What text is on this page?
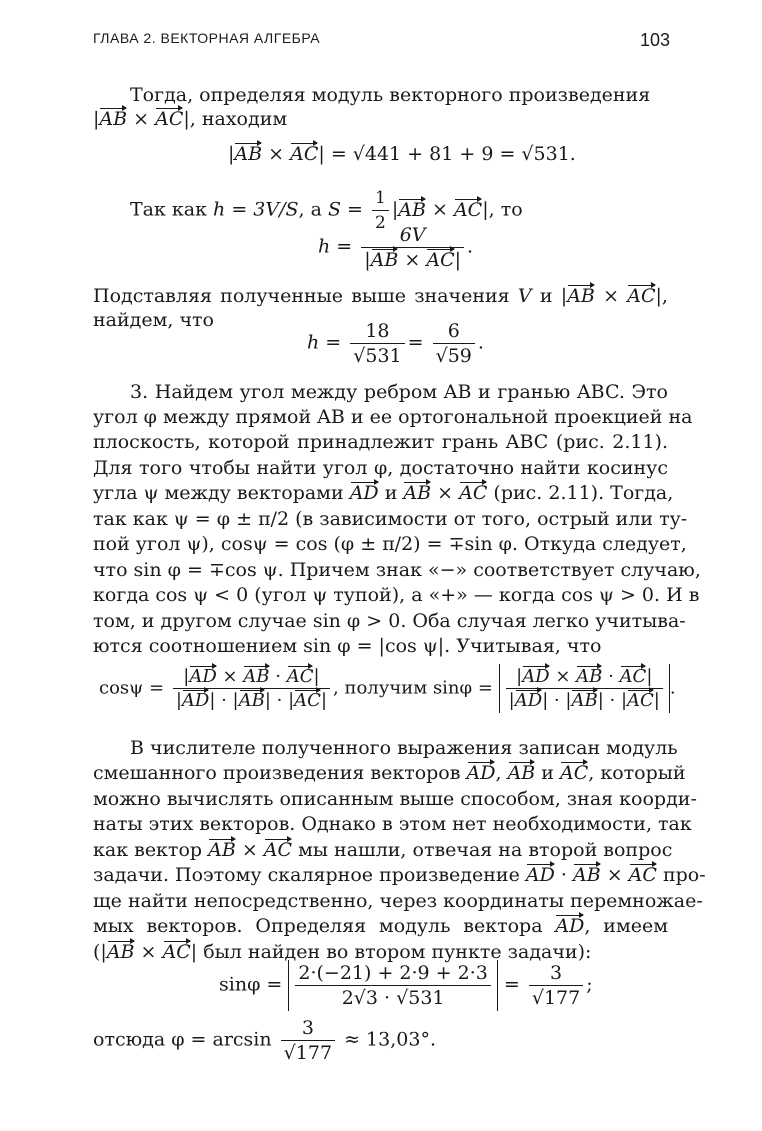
ГЛАВА 2. ВЕКТОРНАЯ АЛГЕБРА	103
Тогда, определяя модуль векторного произведения
|AB × AC|, находим
|AB × AC| = √441 + 81 + 9 = √531.
Так как h = 3V/S, а $S = \frac{1}{2} |AB \times AC|$, то
$h = \frac{6V}{|AB \times AC|}$ .
Подставляя полученные выше значения V и |AB × AC|,
найдем, что
$h = \frac{18}{√531} = \frac{6}{√59}$ .
3. Найдем угол между ребром AB и гранью ABC. Это
угол φ между прямой AB и ее ортогональной проекцией на
плоскость, которой принадлежит грань ABC (рис. 2.11).
Для того чтобы найти угол φ, достаточно найти косинус
угла ψ между векторами AD и AB × AC (рис. 2.11). Тогда,
так как ψ = φ ± π/2 (в зависимости от того, острый или ту-
пой угол ψ), cosψ = cos (φ ± π/2) = ∓sin φ. Откуда следует,
что sin φ = ∓cos ψ. Причем знак «−» соответствует случаю,
когда cos ψ < 0 (угол ψ тупой), а «+» — когда cos ψ > 0. И в
том, и другом случае sin φ > 0. Оба случая легко учитыва-
ются соотношением sin φ = |cos ψ|. Учитывая, что
$\cos\psi = \frac{|AD \times AB \cdot AC|}{|AD| \cdot |AB| \cdot |AC|}$ , получим $\sin\varphi = \frac{|AD \times AB \cdot AC|}{|AD| \cdot |AB| \cdot |AC|}$ .
В числителе полученного выражения записан модуль
смешанного произведения векторов AD, AB и AC, который
можно вычислять описанным выше способом, зная коорди-
наты этих векторов. Однако в этом нет необходимости, так
как вектор AB × AC мы нашли, отвечая на второй вопрос
задачи. Поэтому скалярное произведение AD · AB × AC про-
ще найти непосредственно, через координаты перемножае-
мых векторов. Определяя модуль вектора AD, имеем
(|AB × AC| был найден во втором пункте задачи):
$\sin\varphi = \frac{2\cdot(-21) + 2\cdot 9 + 2\cdot 3}{2√3 \cdot √531} = \frac{3}{√177}$ ;
отсюда $\varphi = \arcsin \frac{3}{√177} \approx 13,03^\circ$.
